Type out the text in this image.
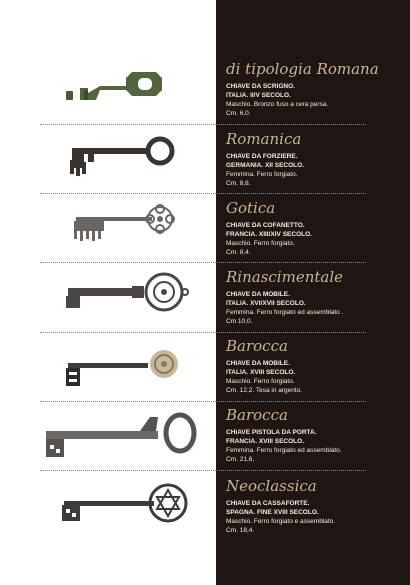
di tipologia Romana
CHIAVE DA SCRIGNO.
ITALIA. II/V SECOLO.
Maschio. Bronzo fuso a cera persa.
Cm. 6,0.
Romanica
CHIAVE DA FORZIERE.
GERMANIA. XII SECOLO.
Femmina. Ferro forgiato.
Cm. 8,8.
Gotica
CHIAVE DA COFANETTO.
FRANCIA. XIII/XIV SECOLO.
Maschio. Ferro forgiato.
Cm. 8,4.
Rinascimentale
CHIAVE DA MOBILE.
ITALIA. XVI/XVII SECOLO.
Femmina. Ferro forgiato ed assemblato .
Cm 10,0.
Barocca
CHIAVE DA MOBILE.
ITALIA. XVIII SECOLO.
Maschio. Ferro forgiato.
Cm. 12,2. Tesa in argento.
Barocca
CHIAVE PISTOLA DA PORTA.
FRANCIA. XVIII SECOLO.
Femmina. Ferro forgiato ed assemblato.
Cm. 21,6.
Neoclassica
CHIAVE DA CASSAFORTE.
SPAGNA. FINE XVIII SECOLO.
Maschio. Ferro forgiato e assemblato.
Cm. 18,4.
